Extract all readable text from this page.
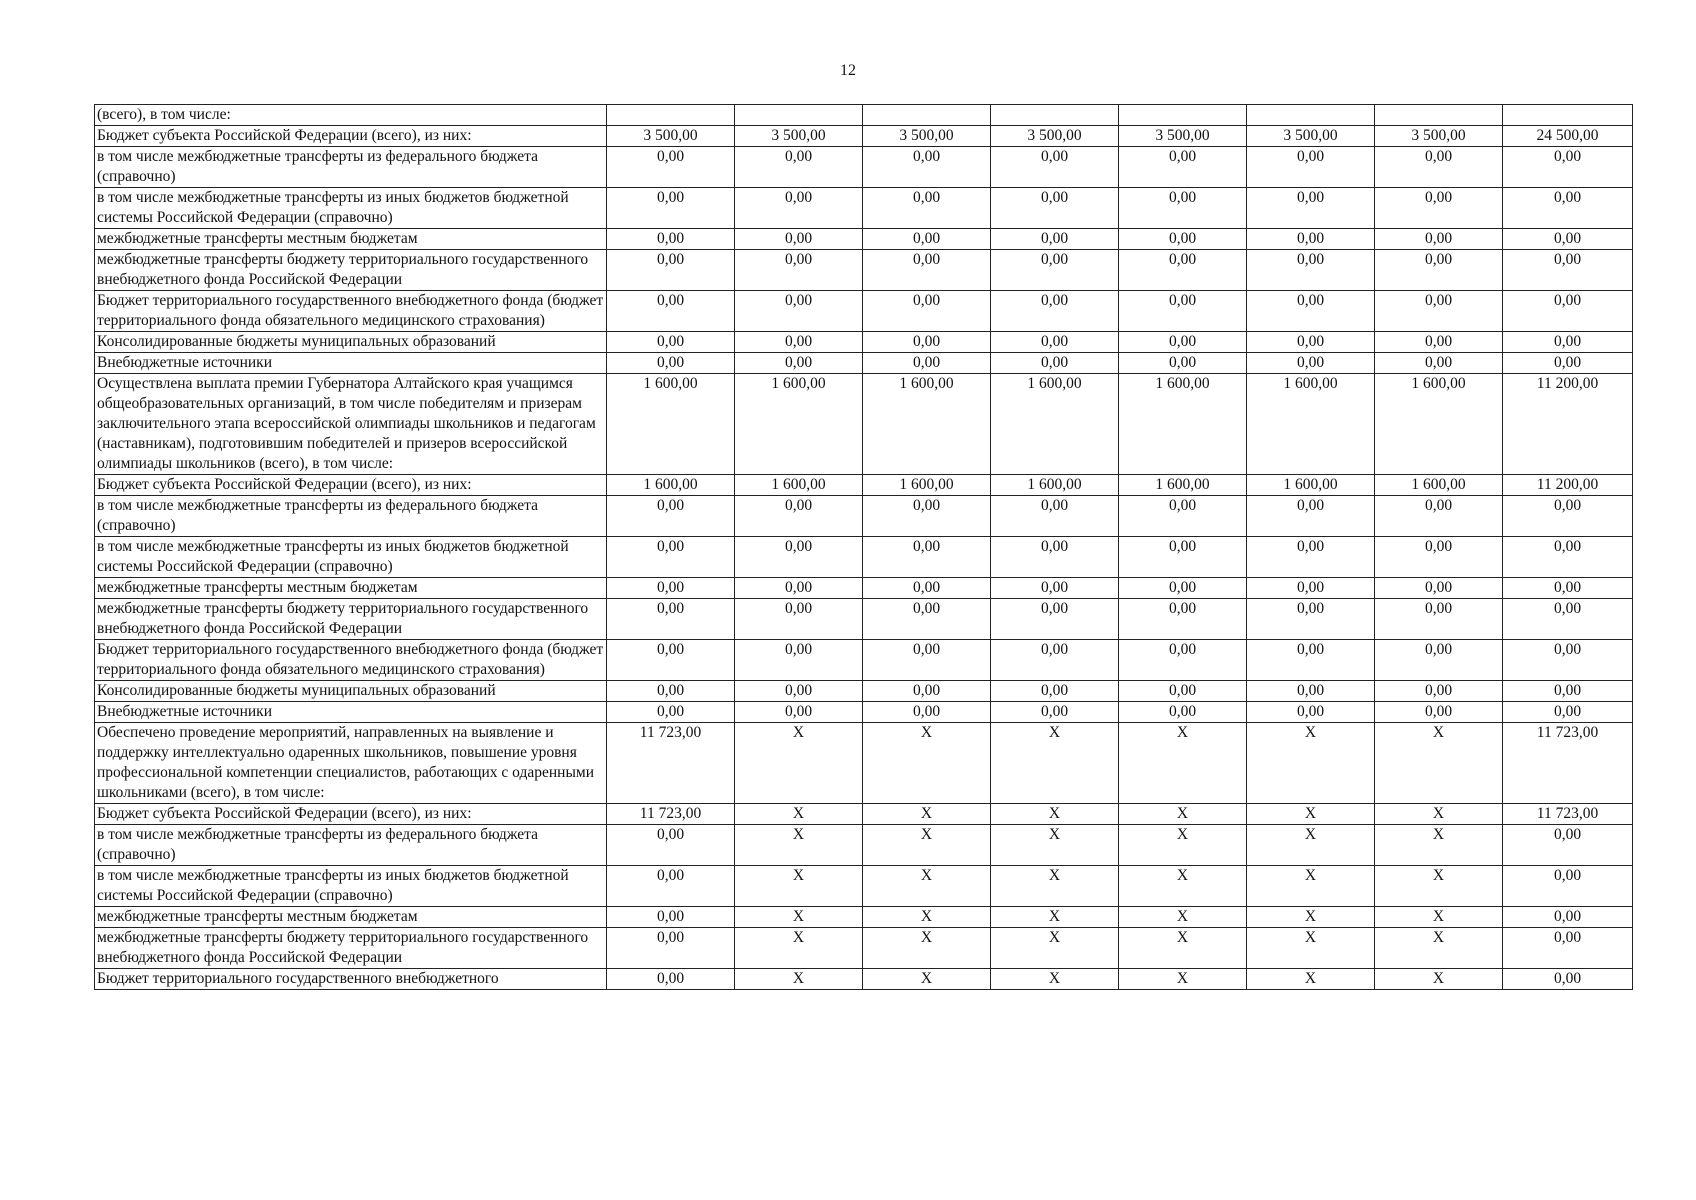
12
(всего), в том числе:								
Бюджет субъекта Российской Федерации (всего), из них:	3 500,00	3 500,00	3 500,00	3 500,00	3 500,00	3 500,00	3 500,00	24 500,00
в том числе межбюджетные трансферты из федерального бюджета (справочно)	0,00	0,00	0,00	0,00	0,00	0,00	0,00	0,00
в том числе межбюджетные трансферты из иных бюджетов бюджетной системы Российской Федерации (справочно)	0,00	0,00	0,00	0,00	0,00	0,00	0,00	0,00
межбюджетные трансферты местным бюджетам	0,00	0,00	0,00	0,00	0,00	0,00	0,00	0,00
межбюджетные трансферты бюджету территориального государственного внебюджетного фонда Российской Федерации	0,00	0,00	0,00	0,00	0,00	0,00	0,00	0,00
Бюджет территориального государственного внебюджетного фонда (бюджет территориального фонда обязательного медицинского страхования)	0,00	0,00	0,00	0,00	0,00	0,00	0,00	0,00
Консолидированные бюджеты муниципальных образований	0,00	0,00	0,00	0,00	0,00	0,00	0,00	0,00
Внебюджетные источники	0,00	0,00	0,00	0,00	0,00	0,00	0,00	0,00
Осуществлена выплата премии Губернатора Алтайского края учащимся общеобразовательных организаций, в том числе победителям и призерам заключительного этапа всероссийской олимпиады школьников и педагогам (наставникам), подготовившим победителей и призеров всероссийской олимпиады школьников (всего), в том числе:	1 600,00	1 600,00	1 600,00	1 600,00	1 600,00	1 600,00	1 600,00	11 200,00
Бюджет субъекта Российской Федерации (всего), из них:	1 600,00	1 600,00	1 600,00	1 600,00	1 600,00	1 600,00	1 600,00	11 200,00
в том числе межбюджетные трансферты из федерального бюджета (справочно)	0,00	0,00	0,00	0,00	0,00	0,00	0,00	0,00
в том числе межбюджетные трансферты из иных бюджетов бюджетной системы Российской Федерации (справочно)	0,00	0,00	0,00	0,00	0,00	0,00	0,00	0,00
межбюджетные трансферты местным бюджетам	0,00	0,00	0,00	0,00	0,00	0,00	0,00	0,00
межбюджетные трансферты бюджету территориального государственного внебюджетного фонда Российской Федерации	0,00	0,00	0,00	0,00	0,00	0,00	0,00	0,00
Бюджет территориального государственного внебюджетного фонда (бюджет территориального фонда обязательного медицинского страхования)	0,00	0,00	0,00	0,00	0,00	0,00	0,00	0,00
Консолидированные бюджеты муниципальных образований	0,00	0,00	0,00	0,00	0,00	0,00	0,00	0,00
Внебюджетные источники	0,00	0,00	0,00	0,00	0,00	0,00	0,00	0,00
Обеспечено проведение мероприятий, направленных на выявление и поддержку интеллектуально одаренных школьников, повышение уровня профессиональной компетенции специалистов, работающих с одаренными школьниками (всего), в том числе:	11 723,00	X	X	X	X	X	X	11 723,00
Бюджет субъекта Российской Федерации (всего), из них:	11 723,00	X	X	X	X	X	X	11 723,00
в том числе межбюджетные трансферты из федерального бюджета (справочно)	0,00	X	X	X	X	X	X	0,00
в том числе межбюджетные трансферты из иных бюджетов бюджетной системы Российской Федерации (справочно)	0,00	X	X	X	X	X	X	0,00
межбюджетные трансферты местным бюджетам	0,00	X	X	X	X	X	X	0,00
межбюджетные трансферты бюджету территориального государственного внебюджетного фонда Российской Федерации	0,00	X	X	X	X	X	X	0,00
Бюджет территориального государственного внебюджетного	0,00	X	X	X	X	X	X	0,00
